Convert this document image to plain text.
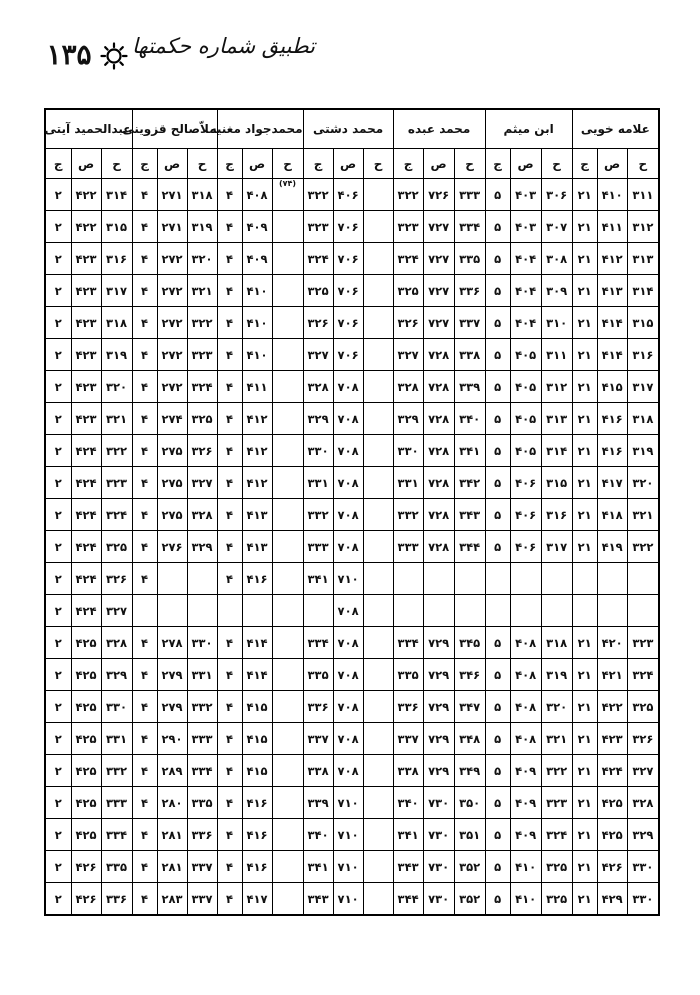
۱۳۵	تطبیق شماره حکمتها
علامه خويى			ابن ميثم			محمد عبده			محمد دشتى			محمدجواد مغنيه			ملاّصالح قزوينى			عبدالحميد آيتى		
ح	ص	ج	ح	ص	ج	ح	ص	ج	ح	ص	ج	ح	ص	ج	ح	ص	ج	ح	ص	ج
۳۱۱	۴۱۰	۲۱	۳۰۶	۴۰۳	۵	۳۳۳	۷۲۶	۳۲۲		۴۰۶	۳۲۲	(۷۴)	۴۰۸	۴	۳۱۸	۲۷۱	۴	۳۱۴	۴۲۲	۲
۳۱۲	۴۱۱	۲۱	۳۰۷	۴۰۳	۵	۳۳۴	۷۲۷	۳۲۳		۷۰۶	۳۲۳		۴۰۹	۴	۳۱۹	۲۷۱	۴	۳۱۵	۴۲۲	۲
۳۱۳	۴۱۲	۲۱	۳۰۸	۴۰۴	۵	۳۳۵	۷۲۷	۳۲۴		۷۰۶	۳۲۴		۴۰۹	۴	۳۲۰	۲۷۲	۴	۳۱۶	۴۲۳	۲
۳۱۴	۴۱۳	۲۱	۳۰۹	۴۰۴	۵	۳۳۶	۷۲۷	۳۲۵		۷۰۶	۳۲۵		۴۱۰	۴	۳۲۱	۲۷۲	۴	۳۱۷	۴۲۳	۲
۳۱۵	۴۱۴	۲۱	۳۱۰	۴۰۴	۵	۳۳۷	۷۲۷	۳۲۶		۷۰۶	۳۲۶		۴۱۰	۴	۳۲۲	۲۷۲	۴	۳۱۸	۴۲۳	۲
۳۱۶	۴۱۴	۲۱	۳۱۱	۴۰۵	۵	۳۳۸	۷۲۸	۳۲۷		۷۰۶	۳۲۷		۴۱۰	۴	۳۲۳	۲۷۲	۴	۳۱۹	۴۲۳	۲
۳۱۷	۴۱۵	۲۱	۳۱۲	۴۰۵	۵	۳۳۹	۷۲۸	۳۲۸		۷۰۸	۳۲۸		۴۱۱	۴	۳۲۴	۲۷۲	۴	۳۲۰	۴۲۳	۲
۳۱۸	۴۱۶	۲۱	۳۱۳	۴۰۵	۵	۳۴۰	۷۲۸	۳۲۹		۷۰۸	۳۲۹		۴۱۲	۴	۳۲۵	۲۷۴	۴	۳۲۱	۴۲۳	۲
۳۱۹	۴۱۶	۲۱	۳۱۴	۴۰۵	۵	۳۴۱	۷۲۸	۳۳۰		۷۰۸	۳۳۰		۴۱۲	۴	۳۲۶	۲۷۵	۴	۳۲۲	۴۲۴	۲
۳۲۰	۴۱۷	۲۱	۳۱۵	۴۰۶	۵	۳۴۲	۷۲۸	۳۳۱		۷۰۸	۳۳۱		۴۱۲	۴	۳۲۷	۲۷۵	۴	۳۲۳	۴۲۴	۲
۳۲۱	۴۱۸	۲۱	۳۱۶	۴۰۶	۵	۳۴۳	۷۲۸	۳۳۲		۷۰۸	۳۳۲		۴۱۳	۴	۳۲۸	۲۷۵	۴	۳۲۴	۴۲۴	۲
۳۲۲	۴۱۹	۲۱	۳۱۷	۴۰۶	۵	۳۴۴	۷۲۸	۳۳۳		۷۰۸	۳۳۳		۴۱۳	۴	۳۲۹	۲۷۶	۴	۳۲۵	۴۲۴	۲
										۷۱۰	۳۴۱		۴۱۶	۴			۴	۳۲۶	۴۲۴	۲
										۷۰۸								۳۲۷	۴۲۴	۲
۳۲۳	۴۲۰	۲۱	۳۱۸	۴۰۸	۵	۳۴۵	۷۲۹	۳۳۴		۷۰۸	۳۳۴		۴۱۴	۴	۳۳۰	۲۷۸	۴	۳۲۸	۴۲۵	۲
۳۲۴	۴۲۱	۲۱	۳۱۹	۴۰۸	۵	۳۴۶	۷۲۹	۳۳۵		۷۰۸	۳۳۵		۴۱۴	۴	۳۳۱	۲۷۹	۴	۳۲۹	۴۲۵	۲
۳۲۵	۴۲۲	۲۱	۳۲۰	۴۰۸	۵	۳۴۷	۷۲۹	۳۳۶		۷۰۸	۳۳۶		۴۱۵	۴	۳۳۲	۲۷۹	۴	۳۳۰	۴۲۵	۲
۳۲۶	۴۲۳	۲۱	۳۲۱	۴۰۸	۵	۳۴۸	۷۲۹	۳۳۷		۷۰۸	۳۳۷		۴۱۵	۴	۳۳۳	۲۹۰	۴	۳۳۱	۴۲۵	۲
۳۲۷	۴۲۴	۲۱	۳۲۲	۴۰۹	۵	۳۴۹	۷۲۹	۳۳۸		۷۰۸	۳۳۸		۴۱۵	۴	۳۳۴	۲۸۹	۴	۳۳۲	۴۲۵	۲
۳۲۸	۴۲۵	۲۱	۳۲۳	۴۰۹	۵	۳۵۰	۷۳۰	۳۴۰		۷۱۰	۳۳۹		۴۱۶	۴	۳۳۵	۲۸۰	۴	۳۳۳	۴۲۵	۲
۳۲۹	۴۲۵	۲۱	۳۲۴	۴۰۹	۵	۳۵۱	۷۳۰	۳۴۱		۷۱۰	۳۴۰		۴۱۶	۴	۳۳۶	۲۸۱	۴	۳۳۴	۴۲۵	۲
۳۳۰	۴۲۶	۲۱	۳۲۵	۴۱۰	۵	۳۵۲	۷۳۰	۳۴۳		۷۱۰	۳۴۱		۴۱۶	۴	۳۳۷	۲۸۱	۴	۳۳۵	۴۲۶	۲
۳۳۰	۴۲۹	۲۱	۳۲۵	۴۱۰	۵	۳۵۲	۷۳۰	۳۴۴		۷۱۰	۳۴۳		۴۱۷	۴	۳۳۷	۲۸۳	۴	۳۳۶	۴۲۶	۲
